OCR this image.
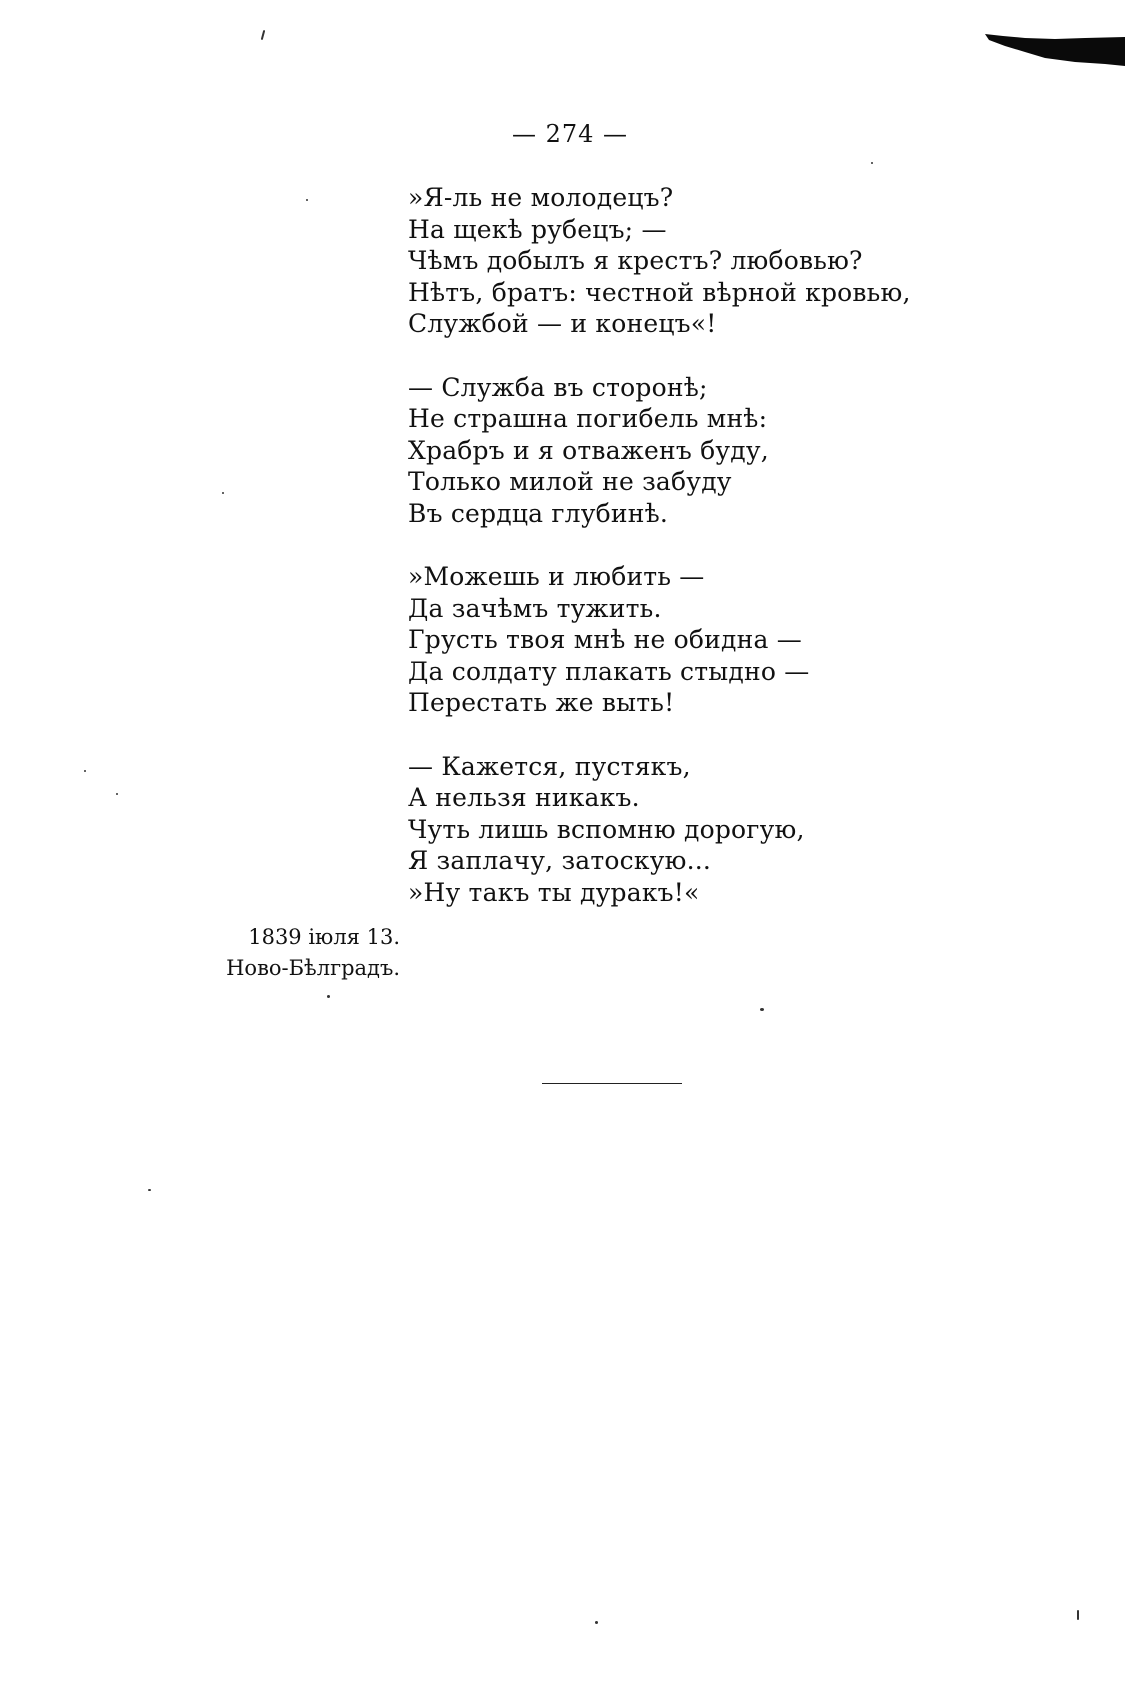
— 274 —
»Я-ль не молодецъ?
На щекѣ рубецъ; —
Чѣмъ добылъ я крестъ? любовью?
Нѣтъ, братъ: честной вѣрной кровью,
Службой — и конецъ«!
— Служба въ сторонѣ;
Не страшна погибель мнѣ:
Храбръ и я отваженъ буду,
Только милой не забуду
Въ сердца глубинѣ.
»Можешь и любить —
Да зачѣмъ тужить.
Грусть твоя мнѣ не обидна —
Да солдату плакать стыдно —
Перестать же выть!
— Кажется, пустякъ,
А нельзя никакъ.
Чуть лишь вспомню дорогую,
Я заплачу, затоскую...
»Ну такъ ты дуракъ!«
1839 іюля 13.
Ново-Бѣлградъ.
